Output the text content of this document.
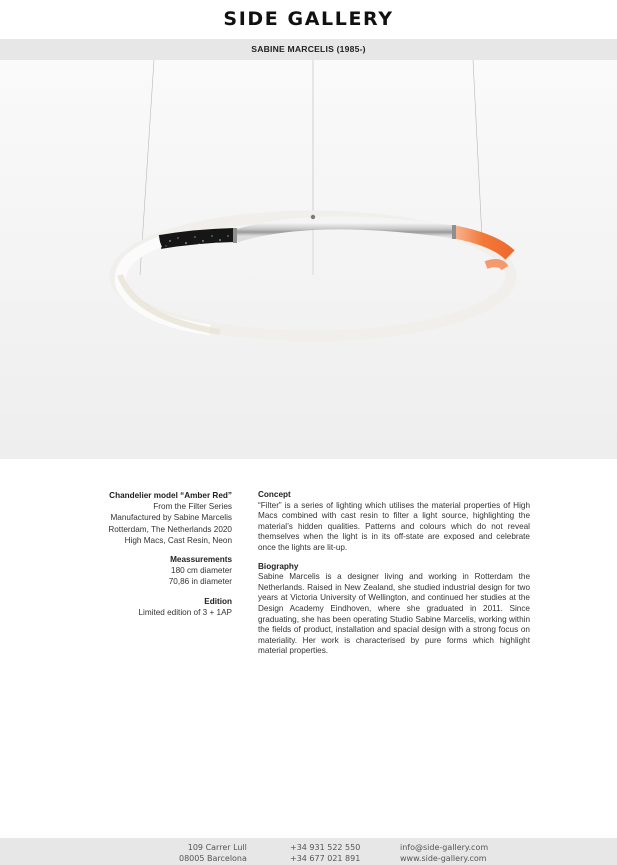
SIDE GALLERY
SABINE MARCELIS (1985-)
Chandelier model “Amber Red”
From the Filter Series
Manufactured by Sabine Marcelis
Rotterdam, The Netherlands 2020
High Macs, Cast Resin, Neon
Meassurements
180 cm diameter
70,86 in diameter
Edition
Limited edition of 3 + 1AP
Concept

“Filter” is a series of lighting which utilises the material properties of High Macs combined with cast resin to filter a light source, highlighting the material’s hidden qualities. Patterns and colours which do not reveal themselves when the light is in its off-state are exposed and celebrate once the lights are lit-up.

Biography

Sabine Marcelis is a designer living and working in Rotterdam the Netherlands. Raised in New Zealand, she studied industrial design for two years at Victoria University of Wellington, and continued her studies at the Design Academy Eindhoven, where she graduated in 2011. Since graduating, she has been operating Studio Sabine Marcelis, working within the fields of product, installation and spacial design with a strong focus on materiality. Her work is characterised by pure forms which highlight material properties.

109 Carrer Lull
08005 Barcelona
+34 931 522 550
+34 677 021 891
info@side-gallery.com
www.side-gallery.com
